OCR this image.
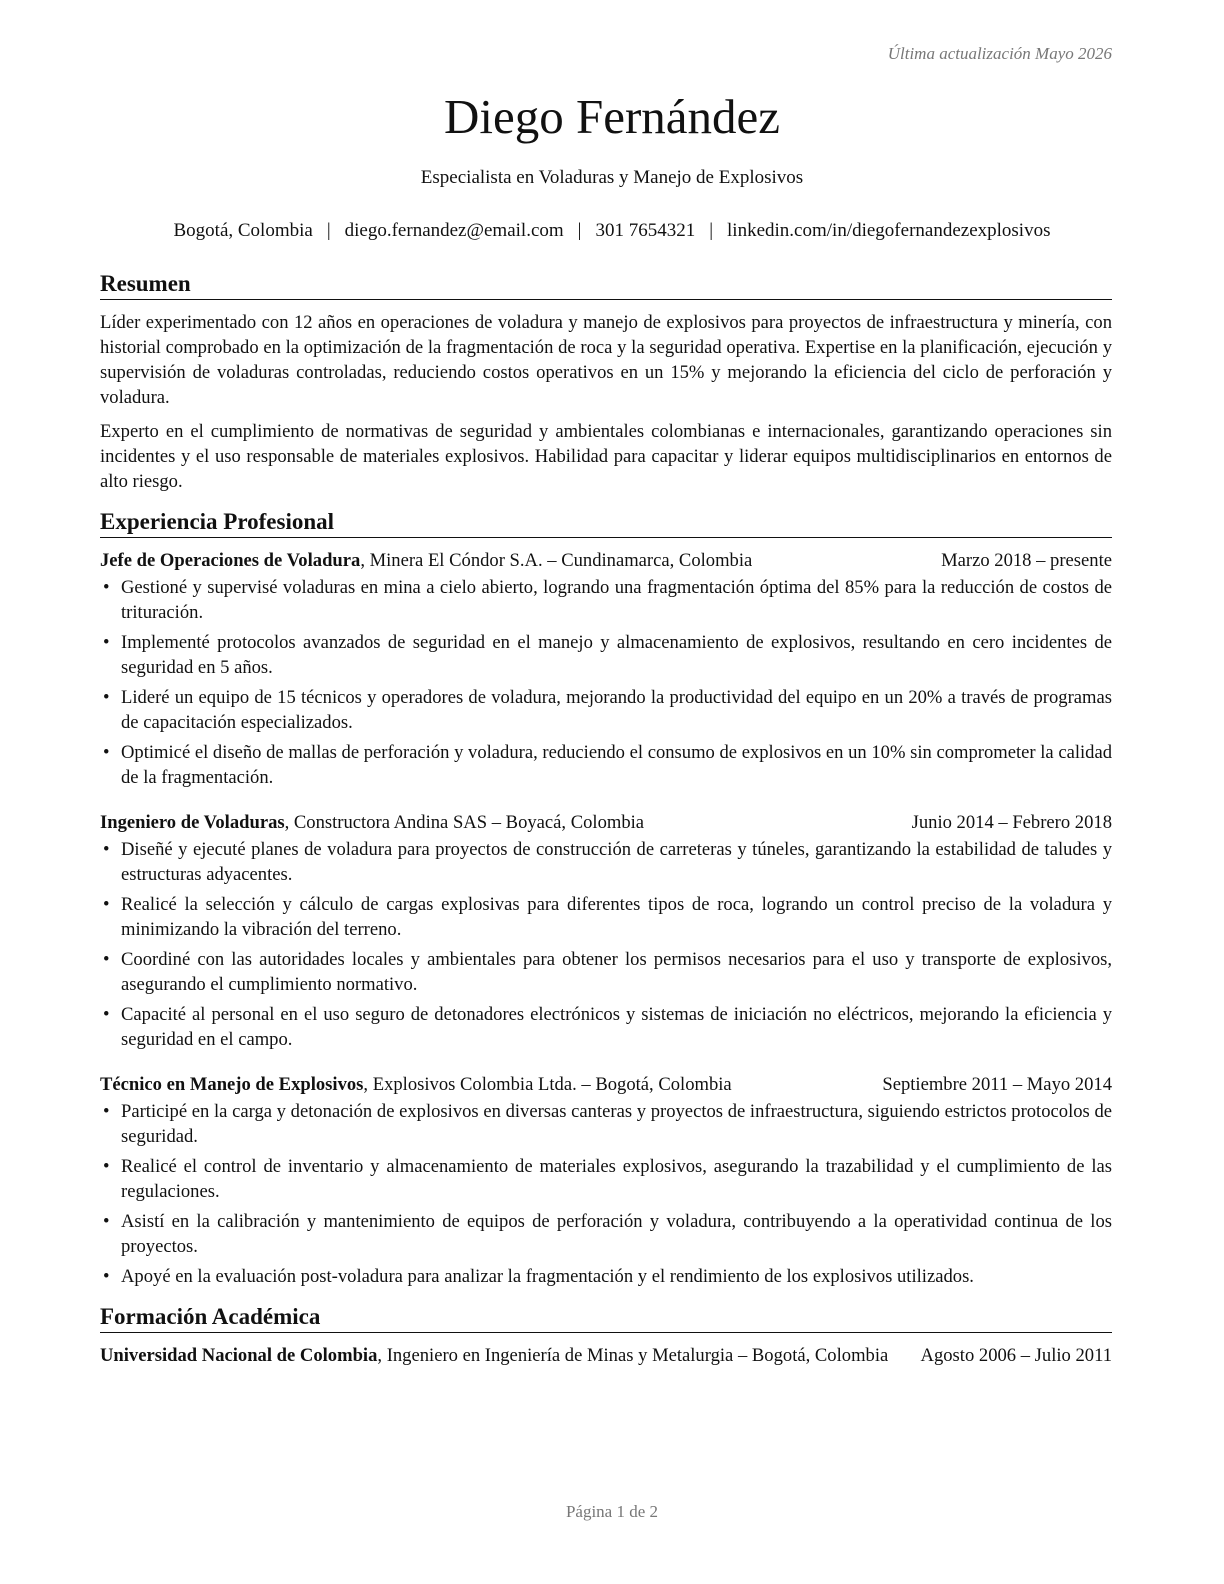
Última actualización Mayo 2026
Diego Fernández
Especialista en Voladuras y Manejo de Explosivos
Bogotá, Colombia | diego.fernandez@email.com | 301 7654321 | linkedin.com/in/diegofernandezexplosivos
Resumen

Líder experimentado con 12 años en operaciones de voladura y manejo de explosivos para proyectos de infraestructura y minería, con historial comprobado en la optimización de la fragmentación de roca y la seguridad operativa. Expertise en la planificación, ejecución y supervisión de voladuras controladas, reduciendo costos operativos en un 15% y mejorando la eficiencia del ciclo de perforación y voladura.

Experto en el cumplimiento de normativas de seguridad y ambientales colombianas e internacionales, garantizando operaciones sin incidentes y el uso responsable de materiales explosivos. Habilidad para capacitar y liderar equipos multidisciplinarios en entornos de alto riesgo.

Experiencia Profesional
Jefe de Operaciones de Voladura, Minera El Cóndor S.A. – Cundinamarca, Colombia	Marzo 2018 – presente
• Gestioné y supervisé voladuras en mina a cielo abierto, logrando una fragmentación óptima del 85% para la reducción de costos de trituración.
• Implementé protocolos avanzados de seguridad en el manejo y almacenamiento de explosivos, resultando en cero incidentes de seguridad en 5 años.
• Lideré un equipo de 15 técnicos y operadores de voladura, mejorando la productividad del equipo en un 20% a través de programas de capacitación especializados.
• Optimicé el diseño de mallas de perforación y voladura, reduciendo el consumo de explosivos en un 10% sin comprometer la calidad de la fragmentación.
Ingeniero de Voladuras, Constructora Andina SAS – Boyacá, Colombia	Junio 2014 – Febrero 2018
• Diseñé y ejecuté planes de voladura para proyectos de construcción de carreteras y túneles, garantizando la estabilidad de taludes y estructuras adyacentes.
• Realicé la selección y cálculo de cargas explosivas para diferentes tipos de roca, logrando un control preciso de la voladura y minimizando la vibración del terreno.
• Coordiné con las autoridades locales y ambientales para obtener los permisos necesarios para el uso y transporte de explosivos, asegurando el cumplimiento normativo.
• Capacité al personal en el uso seguro de detonadores electrónicos y sistemas de iniciación no eléctricos, mejorando la eficiencia y seguridad en el campo.
Técnico en Manejo de Explosivos, Explosivos Colombia Ltda. – Bogotá, Colombia	Septiembre 2011 – Mayo 2014
• Participé en la carga y detonación de explosivos en diversas canteras y proyectos de infraestructura, siguiendo estrictos protocolos de seguridad.
• Realicé el control de inventario y almacenamiento de materiales explosivos, asegurando la trazabilidad y el cumplimiento de las regulaciones.
• Asistí en la calibración y mantenimiento de equipos de perforación y voladura, contribuyendo a la operatividad continua de los proyectos.
• Apoyé en la evaluación post-voladura para analizar la fragmentación y el rendimiento de los explosivos utilizados.
Formación Académica
Universidad Nacional de Colombia, Ingeniero en Ingeniería de Minas y Metalurgia – Bogotá, Colombia	Agosto 2006 – Julio 2011
Página 1 de 2
